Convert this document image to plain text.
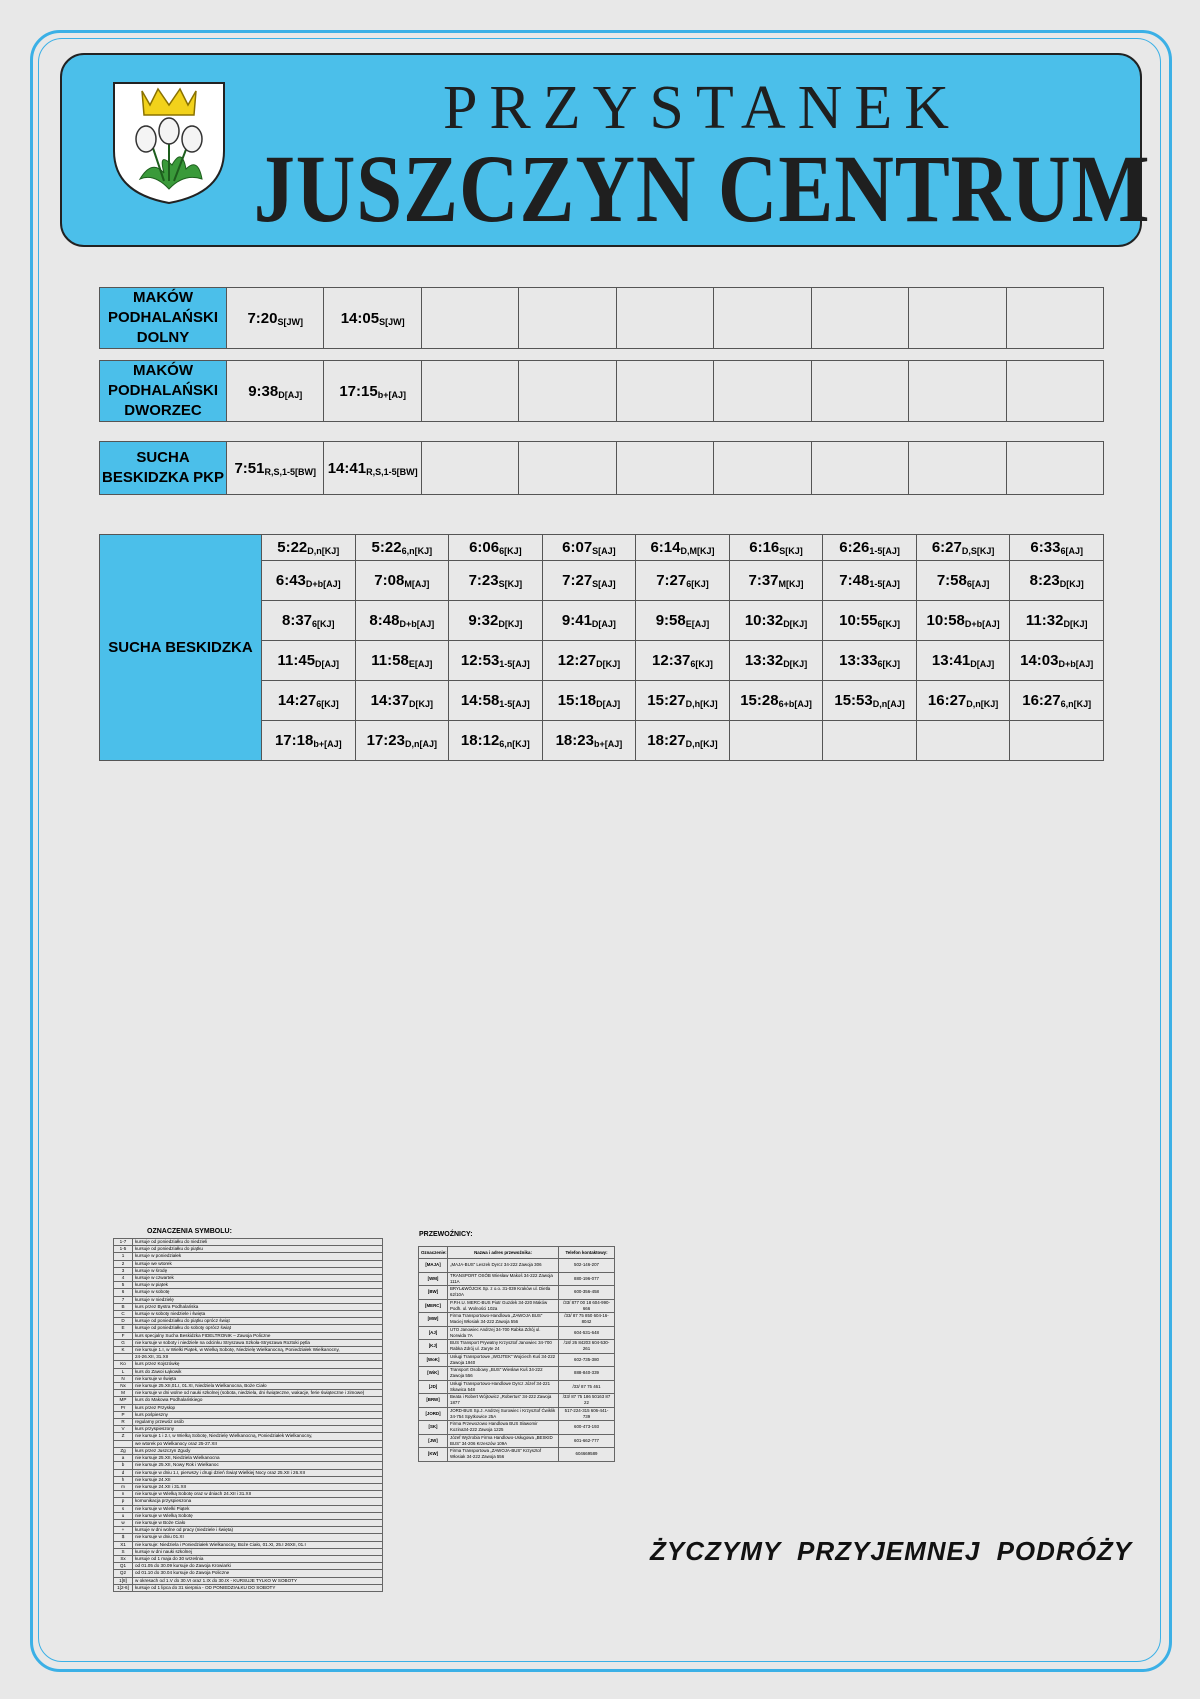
PRZYSTANEK
JUSZCZYN CENTRUM
MAKÓW
PODHALAŃSKI
DOLNY	$7:20_{S[JW]}$	$14:05_{S[JW]}$							
MAKÓW
PODHALAŃSKI
DWORZEC	$9:38_{D[AJ]}$	$17:15_{b+[AJ]}$							
SUCHA
BESKIDZKA PKP	$7:51_{R,S,1-5[BW]}$	$14:41_{R,S,1-5[BW]}$							
SUCHA BESKIDZKA	$5:22_{D,n[KJ]}$	$5:22_{6,n[KJ]}$	$6:06_{6[KJ]}$	$6:07_{S[AJ]}$	$6:14_{D,M[KJ]}$	$6:16_{S[KJ]}$	$6:26_{1-5[AJ]}$	$6:27_{D,S[KJ]}$	$6:33_{6[AJ]}$
	$6:43_{D+b[AJ]}$	$7:08_{M[AJ]}$	$7:23_{S[KJ]}$	$7:27_{S[AJ]}$	$7:27_{6[KJ]}$	$7:37_{M[KJ]}$	$7:48_{1-5[AJ]}$	$7:58_{6[AJ]}$	$8:23_{D[KJ]}$
	$8:37_{6[KJ]}$	$8:48_{D+b[AJ]}$	$9:32_{D[KJ]}$	$9:41_{D[AJ]}$	$9:58_{E[AJ]}$	$10:32_{D[KJ]}$	$10:55_{6[KJ]}$	$10:58_{D+b[AJ]}$	$11:32_{D[KJ]}$
	$11:45_{D[AJ]}$	$11:58_{E[AJ]}$	$12:53_{1-5[AJ]}$	$12:27_{D[KJ]}$	$12:37_{6[KJ]}$	$13:32_{D[KJ]}$	$13:33_{6[KJ]}$	$13:41_{D[AJ]}$	$14:03_{D+b[AJ]}$
	$14:27_{6[KJ]}$	$14:37_{D[KJ]}$	$14:58_{1-5[AJ]}$	$15:18_{D[AJ]}$	$15:27_{D,h[KJ]}$	$15:28_{6+b[AJ]}$	$15:53_{D,n[AJ]}$	$16:27_{D,n[KJ]}$	$16:27_{6,n[KJ]}$
	$17:18_{b+[AJ]}$	$17:23_{D,n[AJ]}$	$18:12_{6,n[KJ]}$	$18:23_{b+[AJ]}$	$18:27_{D,n[KJ]}$				
OZNACZENIA SYMBOLU:
1-7	kursuje od poniedziałku do niedzieli
1-5	kursuje od poniedziałku do piątku
1	kursuje w poniedziałek
2	kursuje we wtorek
3	kursuje w środę
4	kursuje w czwartek
5	kursuje w piątek
6	kursuje w sobotę
7	kursuje w niedzielę
B	kurs przez Bystra Podhalańska
C	kursuje w soboty niedziele i święta
D	kursuje od poniedziałku do piątku oprócz świąt
E	kursuje od poniedziałku do soboty oprócz świąt
F	kurs specjalny Sucha Beskidzka FIDELTRONIK – Zawoja Policzne
G	nie kursuje w soboty i niedziele na odcinku Stryszawa Szkoła-Stryszawa Roztoki pętla
K	nie kursuje 1.I, w Wielki Piątek, w Wielką Sobotę, Niedzielę Wielkanocną, Poniedziałek Wielkanocny,
	24-26.XII, 31.XII
Ko	kurs przez Kojszówkę
L	kurs do Zawoi Łąkowik
N	nie kursuje w święta
Nx	nie kursuje 25.XII,01.I, 01.XI, Niedziela Wielkanocna, Boże Ciało
M	nie kursuje w dni wolne od nauki szkolnej (sobota, niedziela, dni świąteczne, wakacje, ferie świąteczne i zimowe)
MP	kurs do Makowa Podhalańskiego
Pr	kurs przez Przysłop
P	kurs pośpieszny
R	regularny przewóz osób
V	kurs przyspieszony
Z	nie kursuje 1 i 2.I, w Wielką Sobotę, Niedzielę Wielkanocną, Poniedziałek Wielkanocny,
	we wtorek po Wielkanocy oraz 25-27.XII
Zg	kurs przez Juszczyn Zgudy
a	nie kursuje 25.XII, Niedziela Wielkanocna
b	nie kursuje 25.XII, Nowy Rok i Wielkanoc
d	nie kursuje w dniu 1.I, pierwszy i drugi dzień Świąt Wielkiej Nocy oraz 25.XII i 26.XII
h	nie kursuje 24.XII
m	nie kursuje 24.XII i 31.XII
n	nie kursuje w Wielką Sobotę oraz w dniach 24.XII i 31.XII
p	komunikacja przyspieszona
s	nie kursuje w Wielki Piątek
u	nie kursuje w Wielką Sobotę
w	nie kursuje w Boże Ciało
+	kursuje w dni wolne od pracy (niedziele i święta)
$	nie kursuje w dniu 01.XI
X1	nie kursuje: Niedziela i Poniedziałek Wielkanocny, Boże Ciało, 01.XI, 25.I 26XII, 01.I
S	kursuje w dni nauki szkolnej
Sx	kursuje od 1 maja do 30 września
Q1	od 01.05 do 30.09 kursuje do Zawoja Krowiarki
Q2	od 01.10 do 30.04 kursuje do Zawoja Policzne
1[8]	w okresach od 1.V do 30.VI oraz 1.IX do 30.IX - KURSUJE TYLKO W SOBOTY
1[2-6]	kursuje od 1 lipca do 31 sierpnia - OD PONIEDZIAŁKU DO SOBOTY
PRZEWOŹNICY:
Oznaczenie:	Nazwa i adres przewoźnika:	Telefon kontaktowy:
[MAJA]	„MAJA-BUS” Leszek Dyrcz 34-222 Zawoja 306	502-146-207
[WM]	TRANSPORT OSÓB Wiesław Makoś 34-222 Zawoja 111A	880-196-077
[BW]	BRYL&WÓJCIK Sp. z o.o. 31-039 Kraków ul. Dietla 62/10A	600-356-458
[MERC]	P.P.H.U. MERC-BUS Piotr Guzdek 34-220 Maków Podh. ul. Wolności 102a	/33/ 877 00 18 604-990-666
[MW]	Firma Transportowo-Handlowa „ZAWOJA BUS” Maciej Włosiak 34-222 Zawoja 556	/33/ 87 75 850 604-16-8042
[AJ]	UTO Janowiec Andrzej 34-700 Rabka Zdrój ul. Norwida 7A	604-531-648
[KJ]	BUS Transport Prywatny Krzysztof Janowiec 34-700 Rabka Zdrój ul. Zaryte 24	/18/ 26 84203 604-530-261
[WoK]	Usługi Transportowe „WOJTEK” Wojciech Kuś 34-222 Zawoja 1940	602-735-380
[WiK]	Transport Osobowy „BUS” Wiesław Kuś 34-222 Zawoja 556	888-840-339
[JD]	Usługi Transportowo-Handlowe Dyrcz Józef 34-221 Skawica 548	/33/ 87 75 461
[BRW]	Beata i Robert Wójtowicz „Robertus” 34-222 Zawoja 1877	/33/ 87 75 186 50163 87 22
[JORD]	JORD-BUS Sp.J. Andrzej Surowiec i Krzysztof Ćwiklik 34-754 Spytkowice 25A	517-224-315 606-441-739
[SK]	Firma Przewozowo Handlowa BUS Sławomir Kozina34-222 Zawoja 1225	600-473-193
[JW]	Józef Wyżrobia Firma Handlowo-Usługowa „BESKID BUS” 34-206 Krzeszów 109A	601-662-777
[KW]	Firma Transportowa „ZAWOJA-BUS” Krzysztof Włosiak 34-222 Zawoja 556	604669589
ŻYCZYMY PRZYJEMNEJ PODRÓŻY
